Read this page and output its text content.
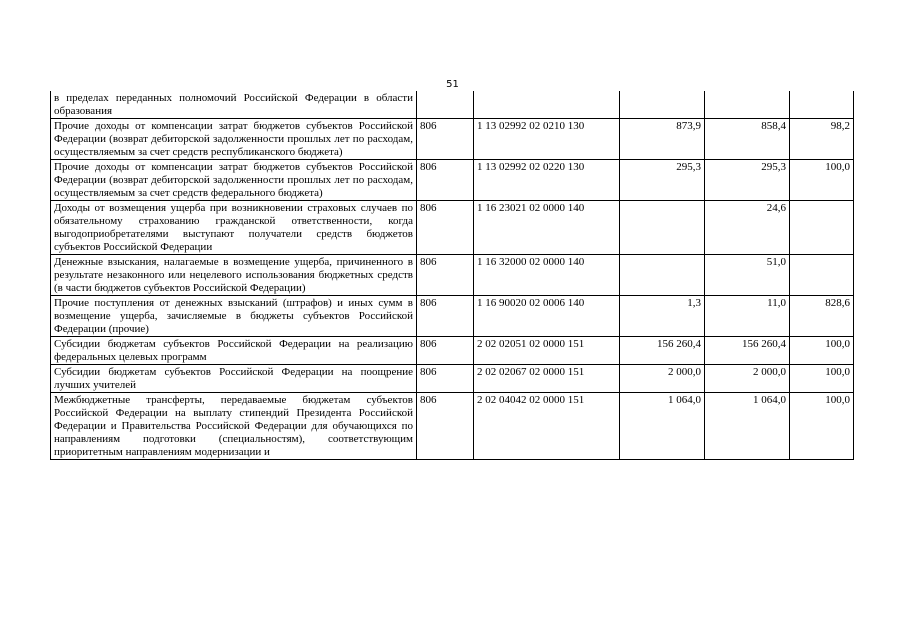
51
в пределах переданных полномочий Российской Федерации в области образования					
Прочие доходы от компенсации затрат бюджетов субъектов Российской Федерации (возврат дебиторской задолженности прошлых лет по расходам, осуществляемым за счет средств республиканского бюджета)	806	1 13 02992 02 0210 130	873,9	858,4	98,2
Прочие доходы от компенсации затрат бюджетов субъектов Российской Федерации (возврат дебиторской задолженности прошлых лет по расходам, осуществляемым за счет средств федерального бюджета)	806	1 13 02992 02 0220 130	295,3	295,3	100,0
Доходы от возмещения ущерба при возникновении страховых случаев по обязательному страхованию гражданской ответственности, когда выгодоприобретателями выступают получатели средств бюджетов субъектов Российской Федерации	806	1 16 23021 02 0000 140		24,6	
Денежные взыскания, налагаемые в возмещение ущерба, причиненного в результате незаконного или нецелевого использования бюджетных средств (в части бюджетов субъектов Российской Федерации)	806	1 16 32000 02 0000 140		51,0	
Прочие поступления от денежных взысканий (штрафов) и иных сумм в возмещение ущерба, зачисляемые в бюджеты субъектов Российской Федерации (прочие)	806	1 16 90020 02 0006 140	1,3	11,0	828,6
Субсидии бюджетам субъектов Российской Федерации на реализацию федеральных целевых программ	806	2 02 02051 02 0000 151	156 260,4	156 260,4	100,0
Субсидии бюджетам субъектов Российской Федерации на поощрение лучших учителей	806	2 02 02067 02 0000 151	2 000,0	2 000,0	100,0
Межбюджетные трансферты, передаваемые бюджетам субъектов Российской Федерации на выплату стипендий Президента Российской Федерации и Правительства Российской Федерации для обучающихся по направлениям подготовки (специальностям), соответствующим приоритетным направлениям модернизации и	806	2 02 04042 02 0000 151	1 064,0	1 064,0	100,0
